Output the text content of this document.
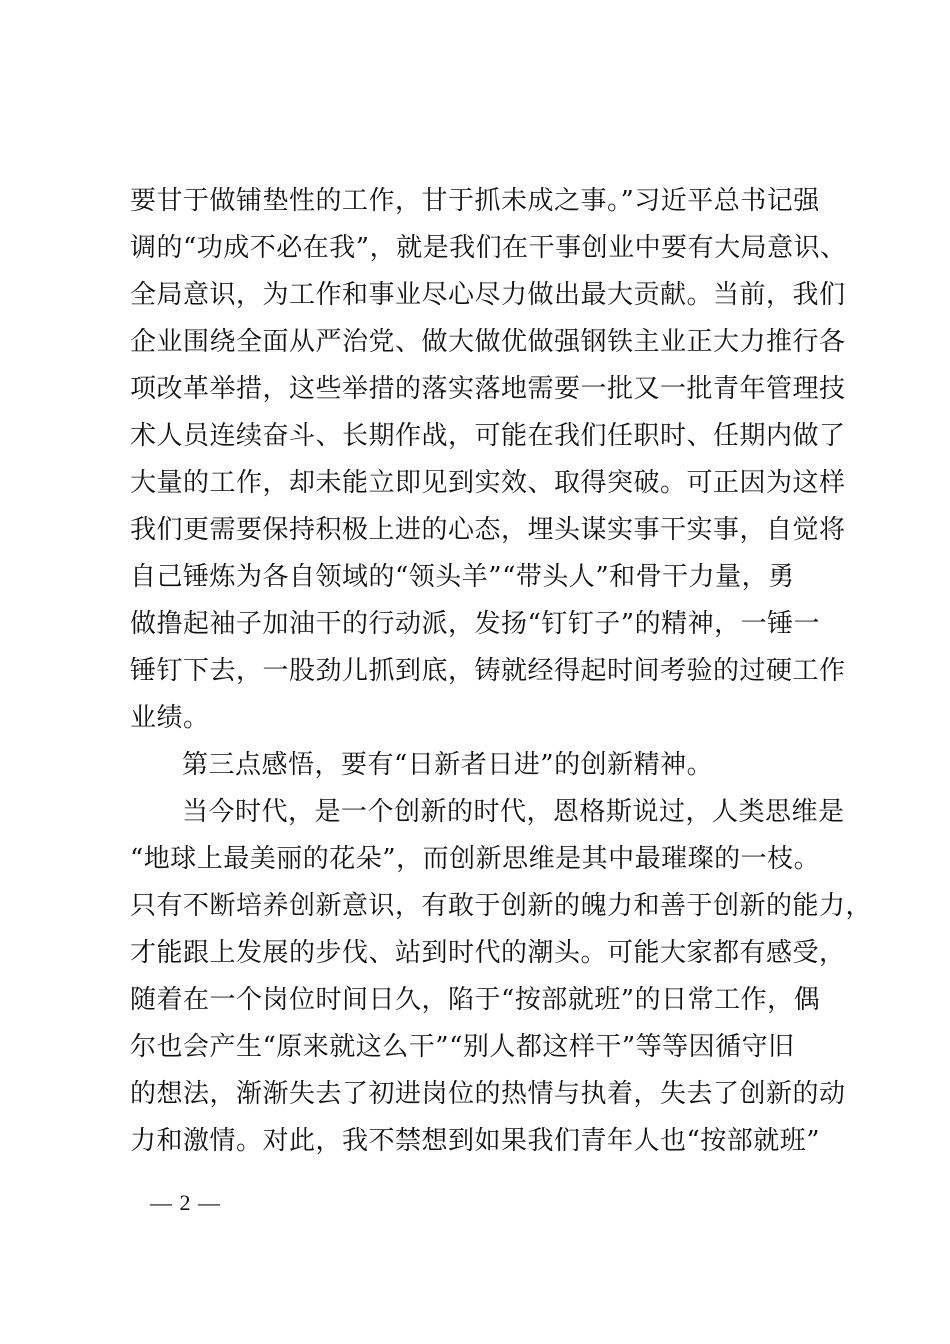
要甘于做铺垫性的工作，甘于抓未成之事。”习近平总书记强
调的“功成不必在我”，就是我们在干事创业中要有大局意识、
全局意识，为工作和事业尽心尽力做出最大贡献。当前，我们
企业围绕全面从严治党、做大做优做强钢铁主业正大力推行各
项改革举措，这些举措的落实落地需要一批又一批青年管理技
术人员连续奋斗、长期作战，可能在我们任职时、任期内做了
大量的工作，却未能立即见到实效、取得突破。可正因为这样
我们更需要保持积极上进的心态，埋头谋实事干实事，自觉将
自己锤炼为各自领域的“领头羊”“带头人”和骨干力量，勇
做撸起袖子加油干的行动派，发扬“钉钉子”的精神，一锤一
锤钉下去，一股劲儿抓到底，铸就经得起时间考验的过硬工作
业绩。
第三点感悟，要有“日新者日进”的创新精神。
当今时代，是一个创新的时代，恩格斯说过，人类思维是
“地球上最美丽的花朵”，而创新思维是其中最璀璨的一枝。
只有不断培养创新意识，有敢于创新的魄力和善于创新的能力，
才能跟上发展的步伐、站到时代的潮头。可能大家都有感受，
随着在一个岗位时间日久，陷于“按部就班”的日常工作，偶
尔也会产生“原来就这么干”“别人都这样干”等等因循守旧
的想法，渐渐失去了初进岗位的热情与执着，失去了创新的动
力和激情。对此，我不禁想到如果我们青年人也“按部就班”
— 2 —
